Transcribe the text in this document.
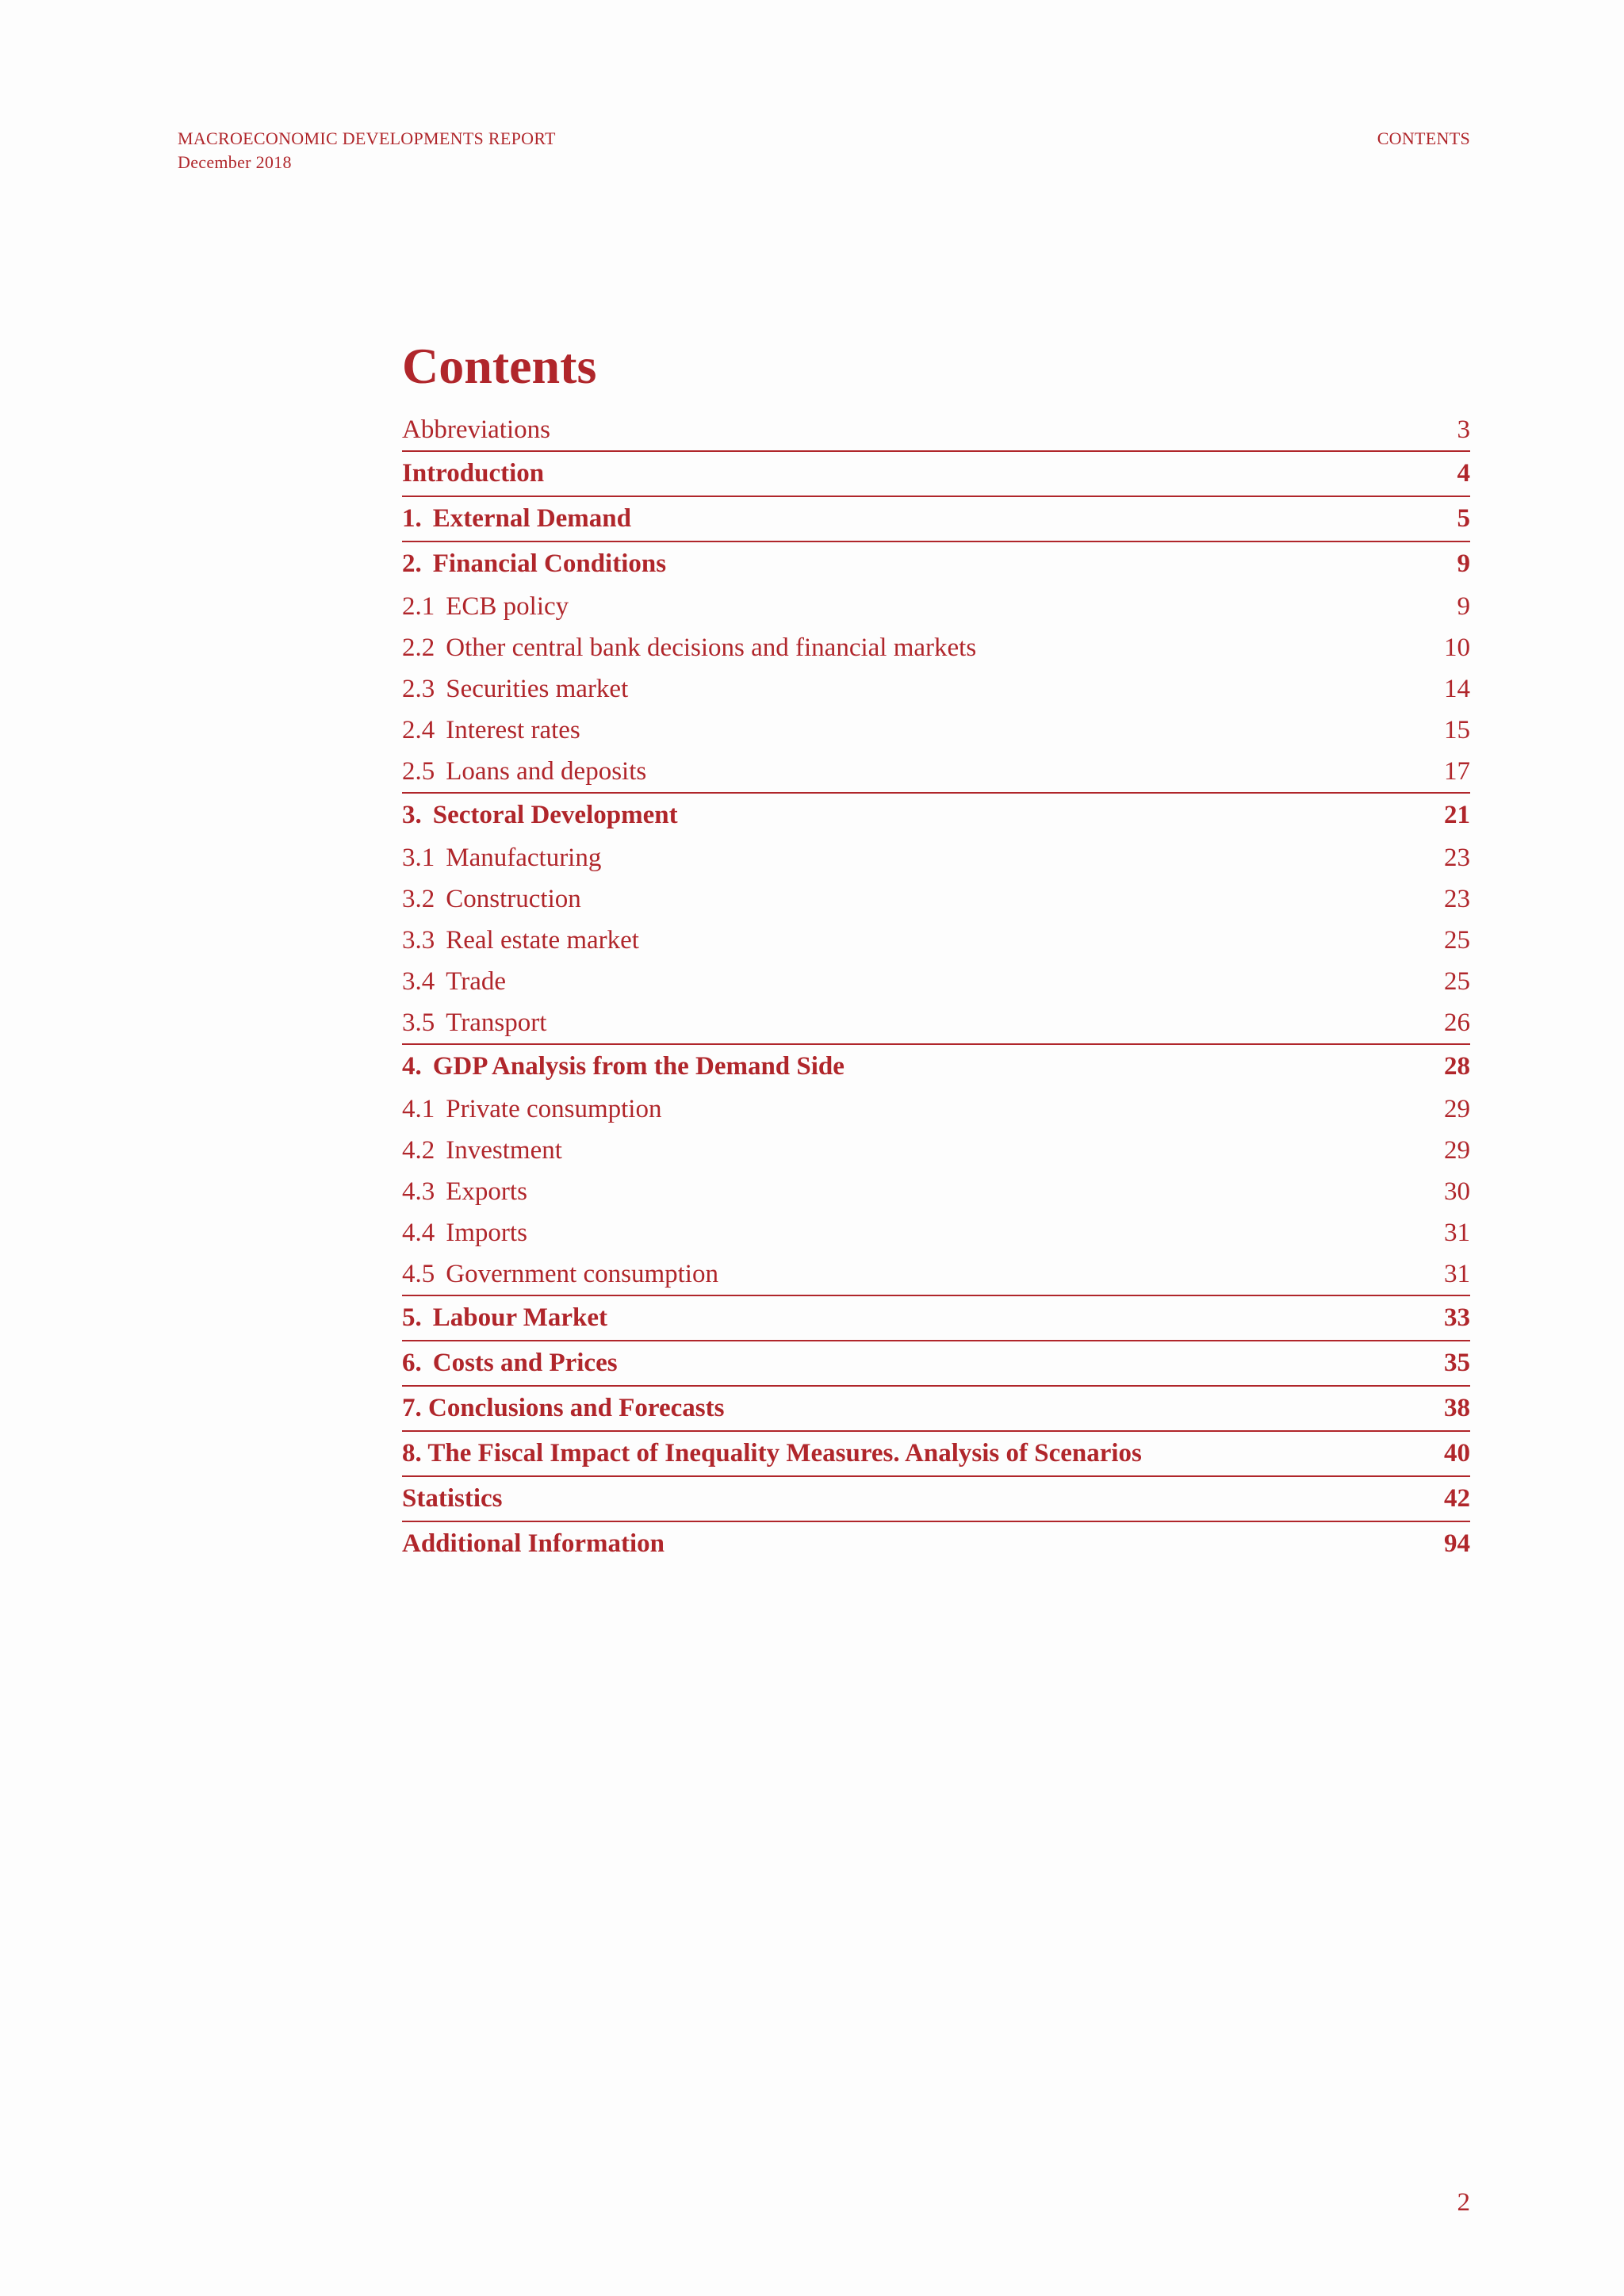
MACROECONOMIC DEVELOPMENTS REPORT
December 2018
CONTENTS
Contents
Abbreviations	3
Introduction	4
1. External Demand	5
2. Financial Conditions	9
2.1 ECB policy	9
2.2 Other central bank decisions and financial markets	10
2.3 Securities market	14
2.4 Interest rates	15
2.5 Loans and deposits	17
3. Sectoral Development	21
3.1 Manufacturing	23
3.2 Construction	23
3.3 Real estate market	25
3.4 Trade	25
3.5 Transport	26
4. GDP Analysis from the Demand Side	28
4.1 Private consumption	29
4.2 Investment	29
4.3 Exports	30
4.4 Imports	31
4.5 Government consumption	31
5. Labour Market	33
6. Costs and Prices	35
7. Conclusions and Forecasts	38
8. The Fiscal Impact of Inequality Measures. Analysis of Scenarios	40
Statistics	42
Additional Information	94
2
